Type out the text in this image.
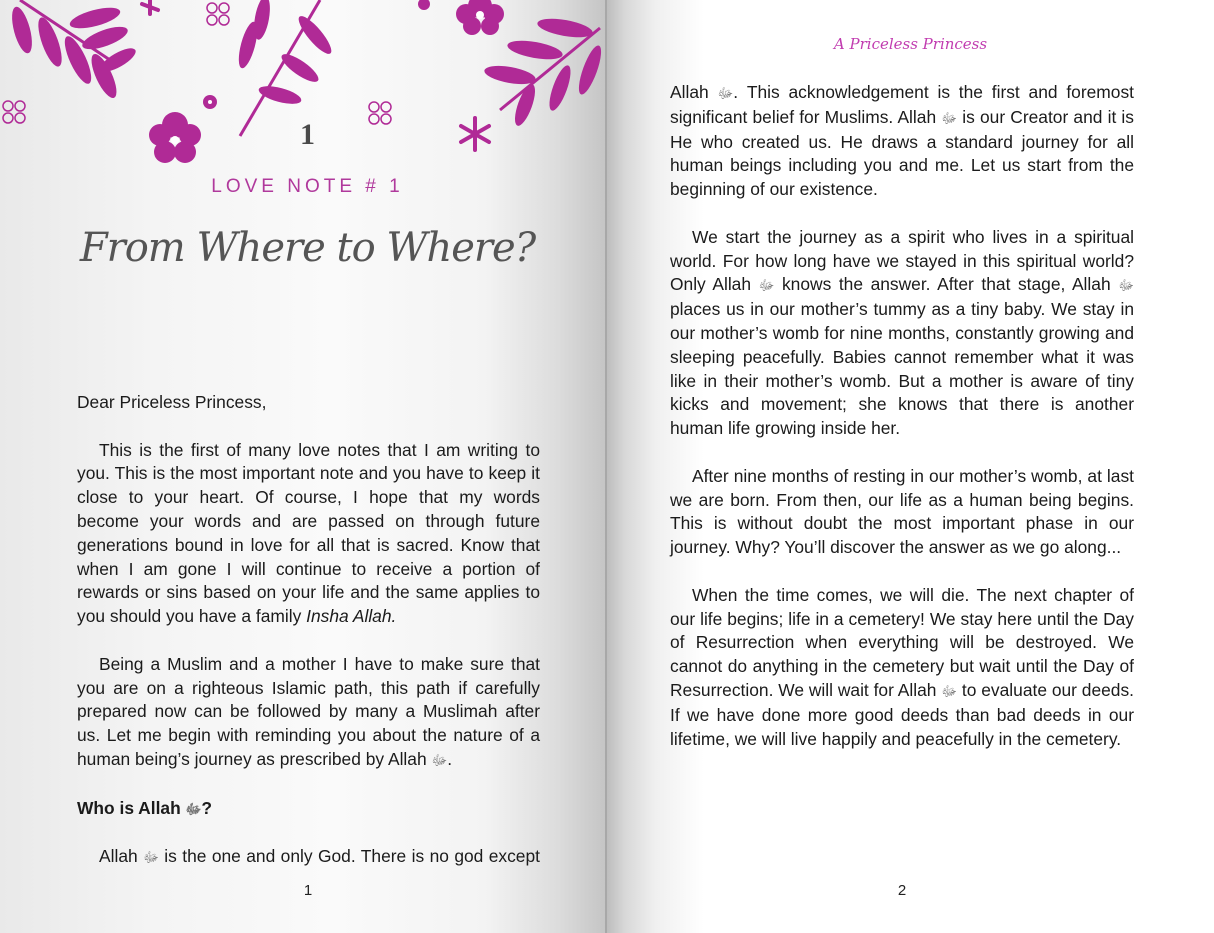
1
LOVE NOTE # 1
From Where to Where?

Dear Priceless Princess,

This is the first of many love notes that I am writing to you. This is the most important note and you have to keep it close to your heart. Of course, I hope that my words become your words and are passed on through future generations bound in love for all that is sacred. Know that when I am gone I will continue to receive a portion of rewards or sins based on your life and the same applies to you should you have a family Insha Allah.

Being a Muslim and a mother I have to make sure that you are on a righteous Islamic path, this path if carefully prepared now can be followed by many a Muslimah after us. Let me begin with reminding you about the nature of a human being’s journey as prescribed by Allah ﷻ.

Who is Allah ﷻ?

Allah ﷻ is the one and only God. There is no god except

1
A Priceless Princess

Allah ﷻ. This acknowledgement is the first and foremost significant belief for Muslims. Allah ﷻ is our Creator and it is He who created us. He draws a standard journey for all human beings including you and me. Let us start from the beginning of our existence.

We start the journey as a spirit who lives in a spiritual world. For how long have we stayed in this spiritual world? Only Allah ﷻ knows the answer. After that stage, Allah ﷻ places us in our mother’s tummy as a tiny baby. We stay in our mother’s womb for nine months, constantly growing and sleeping peacefully. Babies cannot remember what it was like in their mother’s womb. But a mother is aware of tiny kicks and movement; she knows that there is another human life growing inside her.

After nine months of resting in our mother’s womb, at last we are born. From then, our life as a human being begins. This is without doubt the most important phase in our journey. Why? You’ll discover the answer as we go along...

When the time comes, we will die. The next chapter of our life begins; life in a cemetery! We stay here until the Day of Resurrection when everything will be destroyed. We cannot do anything in the cemetery but wait until the Day of Resurrection. We will wait for Allah ﷻ to evaluate our deeds. If we have done more good deeds than bad deeds in our lifetime, we will live happily and peacefully in the cemetery.

2
